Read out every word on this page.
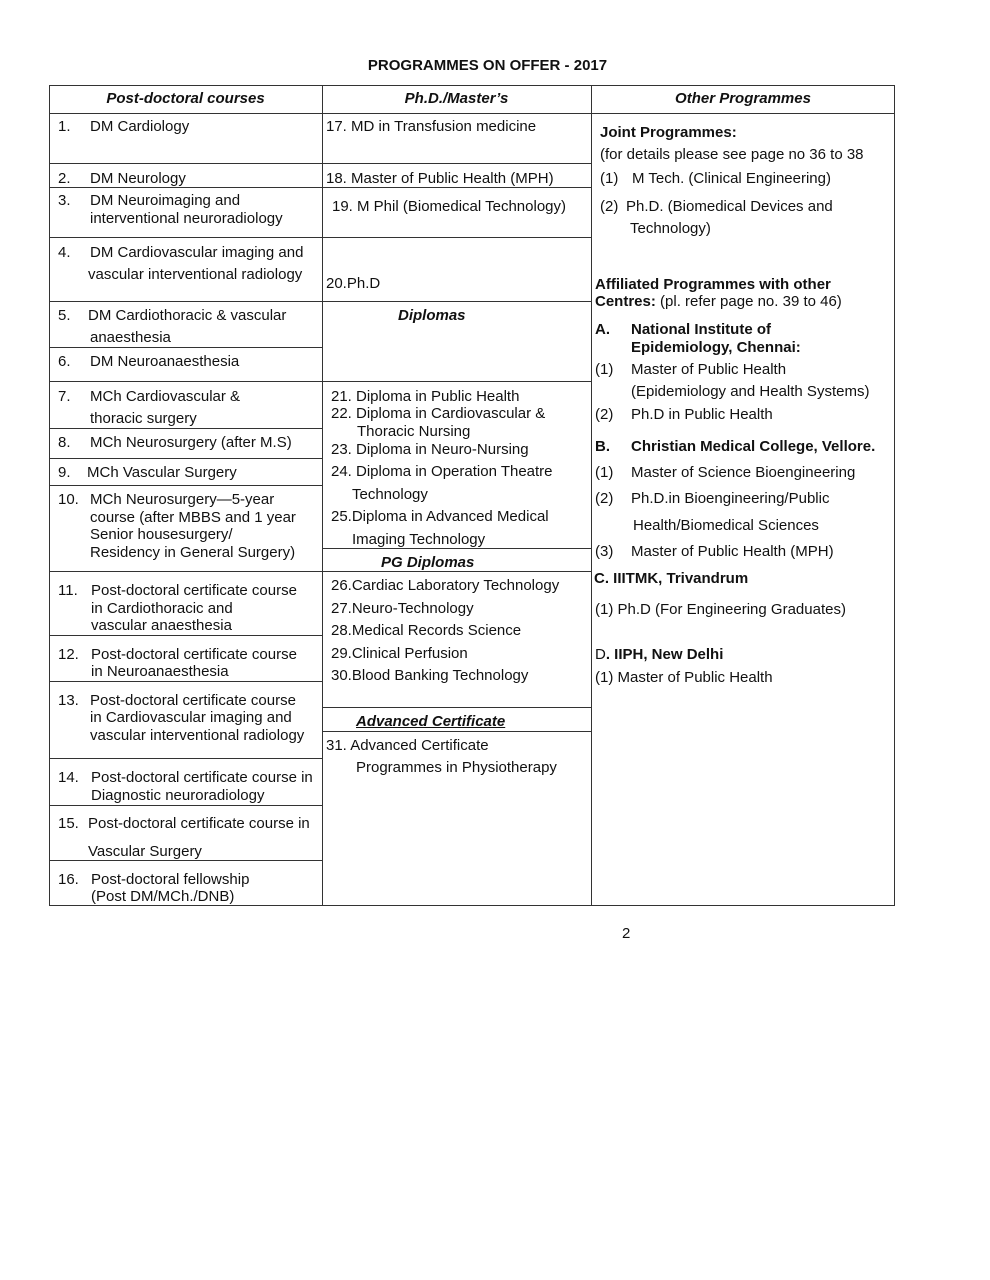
PROGRAMMES ON OFFER - 2017
Post-doctoral courses	Ph.D./Master’s	Other Programmes
1. DM Cardiology
2. DM Neurology
3. DM Neuroimaging and
interventional neuroradiology
4. DM Cardiovascular imaging and
vascular interventional radiology
5. DM Cardiothoracic & vascular
anaesthesia
6. DM Neuroanaesthesia
7. MCh Cardiovascular &
thoracic surgery
8. MCh Neurosurgery (after M.S)
9. MCh Vascular Surgery
10. MCh Neurosurgery—5-year
course (after MBBS and 1 year
Senior housesurgery/
Residency in General Surgery)
11. Post-doctoral certificate course
in Cardiothoracic and
vascular anaesthesia
12. Post-doctoral certificate course
in Neuroanaesthesia
13. Post-doctoral certificate course
in Cardiovascular imaging and
vascular interventional radiology
14. Post-doctoral certificate course in
Diagnostic neuroradiology
15. Post-doctoral certificate course in
Vascular Surgery
16. Post-doctoral fellowship
(Post DM/MCh./DNB)
17. MD in Transfusion medicine
18. Master of Public Health (MPH)
19. M Phil (Biomedical Technology)
20.Ph.D
Diplomas
21. Diploma in Public Health
22. Diploma in Cardiovascular &
Thoracic Nursing
23. Diploma in Neuro-Nursing
24. Diploma in Operation Theatre
Technology
25.Diploma in Advanced Medical
Imaging Technology
PG Diplomas
26.Cardiac Laboratory Technology
27.Neuro-Technology
28.Medical Records Science
29.Clinical Perfusion
30.Blood Banking Technology
Advanced Certificate
31. Advanced Certificate
Programmes in Physiotherapy
Joint Programmes:
(for details please see page no 36 to 38
(1) M Tech. (Clinical Engineering)
(2) Ph.D. (Biomedical Devices and
Technology)
Affiliated Programmes with other
Centres: (pl. refer page no. 39 to 46)
A. National Institute of
Epidemiology, Chennai:
(1) Master of Public Health
(Epidemiology and Health Systems)
(2) Ph.D in Public Health
B. Christian Medical College, Vellore.
(1) Master of Science Bioengineering
(2) Ph.D.in Bioengineering/Public
Health/Biomedical Sciences
(3) Master of Public Health (MPH)
C. IIITMK, Trivandrum
(1) Ph.D (For Engineering Graduates)
D. IIPH, New Delhi
(1) Master of Public Health
2
